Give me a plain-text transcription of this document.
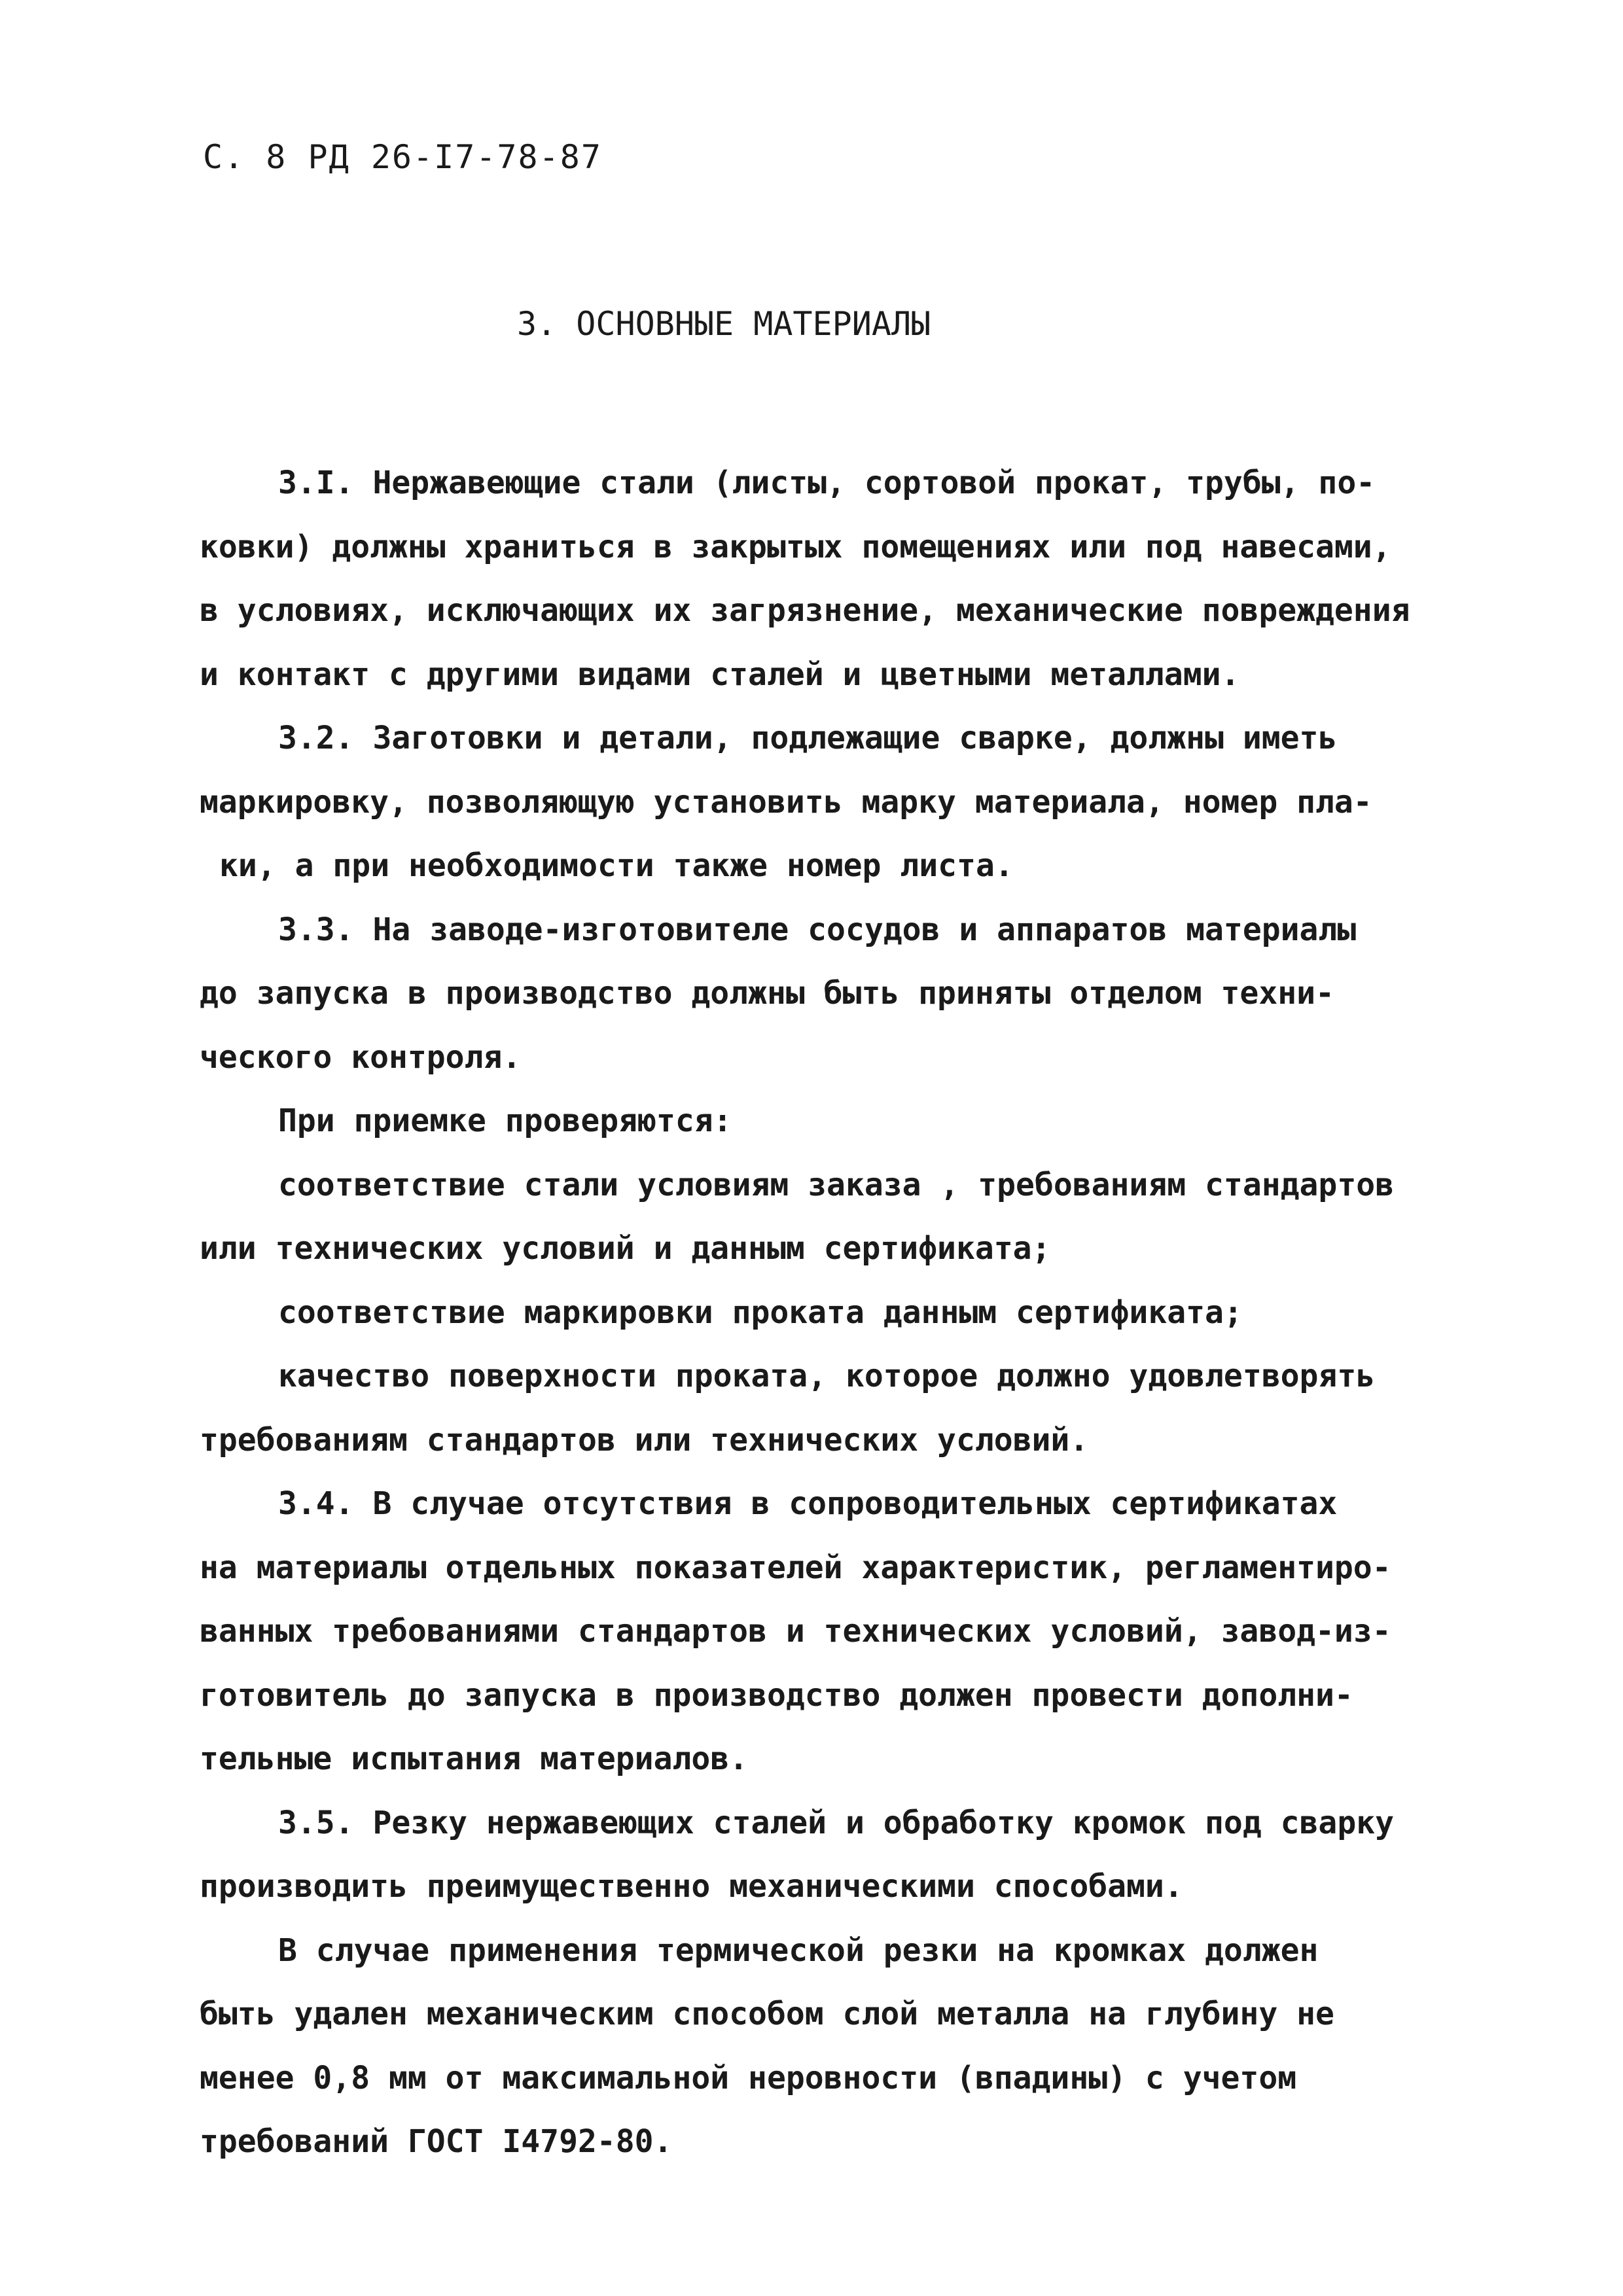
С. 8 РД 26-I7-78-87
3. ОСНОВНЫЕ МАТЕРИАЛЫ
3.I. Нержавеющие стали (листы, сортовой прокат, трубы, по-
ковки) должны храниться в закрытых помещениях или под навесами,
в условиях, исключающих их загрязнение, механические повреждения
и контакт с другими видами сталей и цветными металлами.
3.2. Заготовки и детали, подлежащие сварке, должны иметь
маркировку, позволяющую установить марку материала, номер пла-
ки, а при необходимости также номер листа.
3.3. На заводе-изготовителе сосудов и аппаратов материалы
до запуска в производство должны быть приняты отделом техни-
ческого контроля.
При приемке проверяются:
соответствие стали условиям заказа , требованиям стандартов
или технических условий и данным сертификата;
соответствие маркировки проката данным сертификата;
качество поверхности проката, которое должно удовлетворять
требованиям стандартов или технических условий.
3.4. В случае отсутствия в сопроводительных сертификатах
на материалы отдельных показателей характеристик, регламентиро-
ванных требованиями стандартов и технических условий, завод-из-
готовитель до запуска в производство должен провести дополни-
тельные испытания материалов.
3.5. Резку нержавеющих сталей и обработку кромок под сварку
производить преимущественно механическими способами.
В случае применения термической резки на кромках должен
быть удален механическим способом слой металла на глубину не
менее 0,8 мм от максимальной неровности (впадины) с учетом
требований ГОСТ I4792-80.
